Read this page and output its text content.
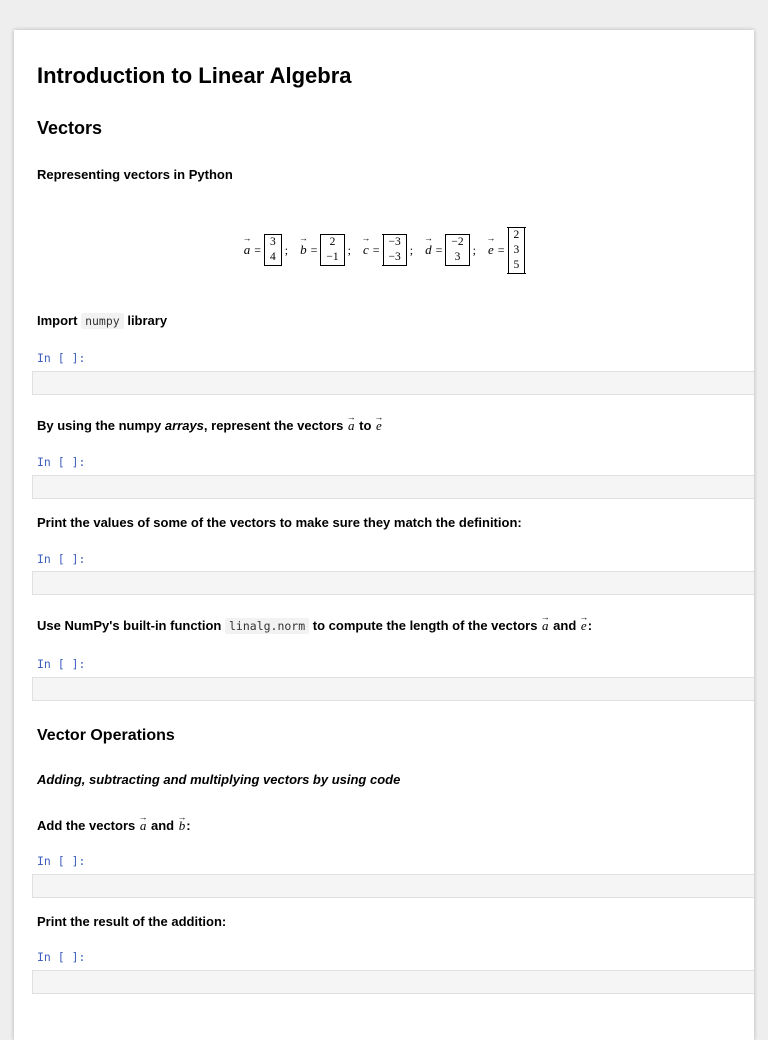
Introduction to Linear Algebra
Vectors
Representing vectors in Python
→ a =
3
4
; → b =
2
−1
; → c =
−3
−3
; → d =
−2
3
; → e =
2
3
5
Import numpy library
In [ ]:
By using the numpy arrays, represent the vectors → a to → e
In [ ]:
Print the values of some of the vectors to make sure they match the definition:
In [ ]:
Use NumPy's built-in function linalg.norm to compute the length of the vectors → a and → e:
In [ ]:
Vector Operations
Adding, subtracting and multiplying vectors by using code
Add the vectors → a and → b:
In [ ]:
Print the result of the addition:
In [ ]:
